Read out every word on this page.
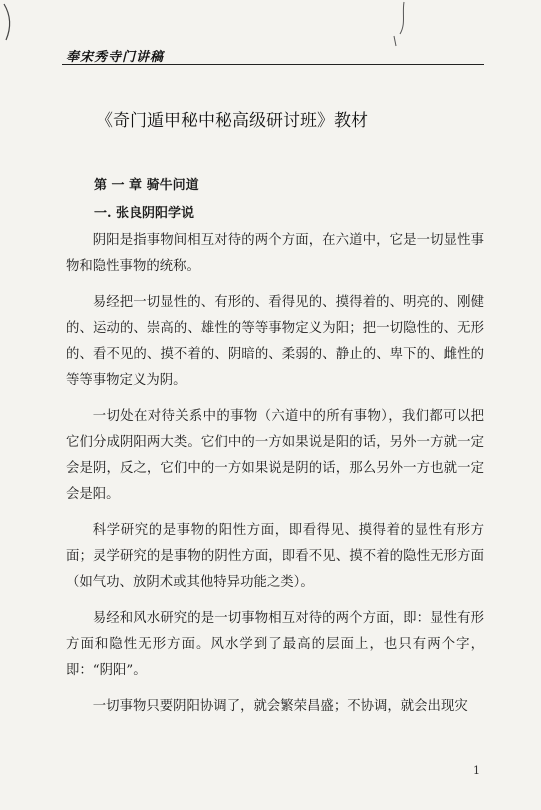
奉宋秀寺门讲稿
《奇门遁甲秘中秘高级研讨班》教材
第 一 章 骑牛问道
一. 张良阴阳学说

阴阳是指事物间相互对待的两个方面，在六道中，它是一切显性事物和隐性事物的统称。

易经把一切显性的、有形的、看得见的、摸得着的、明亮的、刚健的、运动的、崇高的、雄性的等等事物定义为阳；把一切隐性的、无形的、看不见的、摸不着的、阴暗的、柔弱的、静止的、卑下的、雌性的等等事物定义为阴。

一切处在对待关系中的事物（六道中的所有事物），我们都可以把它们分成阴阳两大类。它们中的一方如果说是阳的话，另外一方就一定会是阴，反之，它们中的一方如果说是阴的话，那么另外一方也就一定会是阳。

科学研究的是事物的阳性方面，即看得见、摸得着的显性有形方面；灵学研究的是事物的阴性方面，即看不见、摸不着的隐性无形方面（如气功、放阴术或其他特异功能之类）。

易经和风水研究的是一切事物相互对待的两个方面，即：显性有形方面和隐性无形方面。风水学到了最高的层面上，也只有两个字，即：“阴阳”。

一切事物只要阴阳协调了，就会繁荣昌盛；不协调，就会出现灾

1
